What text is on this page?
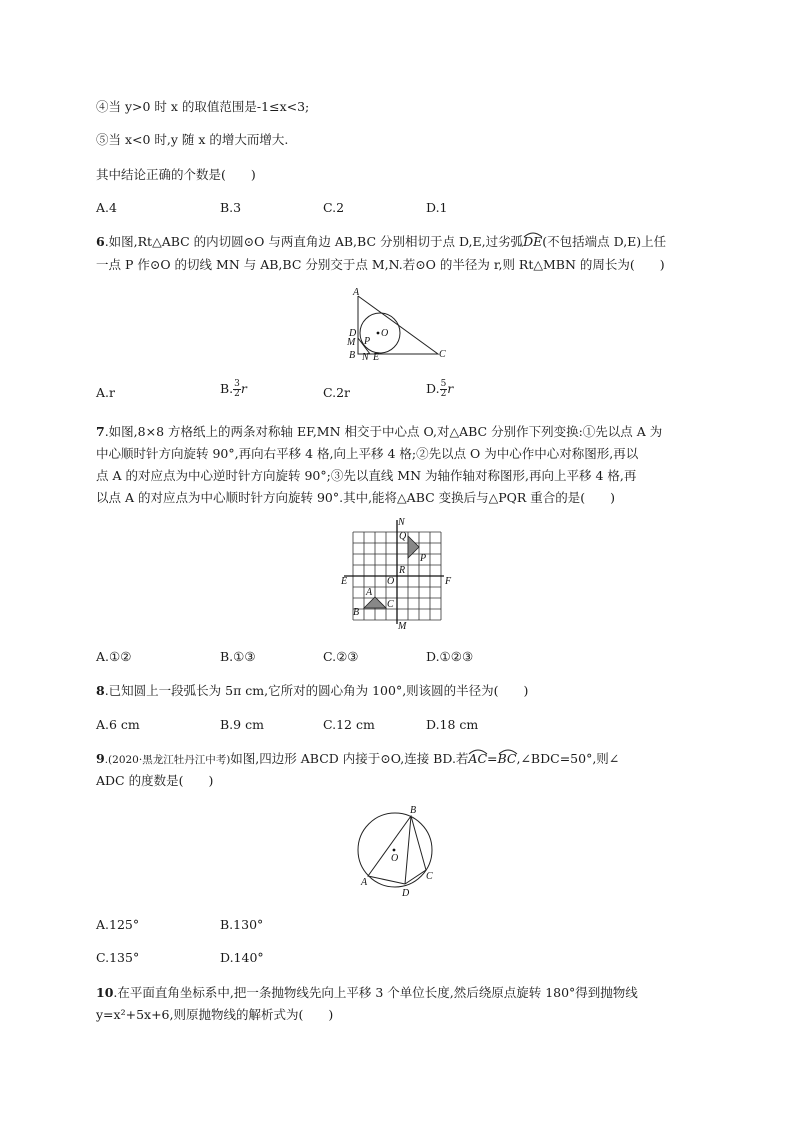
④当 y>0 时 x 的取值范围是-1≤x<3;
⑤当 x<0 时,y 随 x 的增大而增大.
其中结论正确的个数是(　　)
A.4	B.3	C.2	D.1
6.如图,Rt△ABC 的内切圆⊙O 与两直角边 AB,BC 分别相切于点 D,E,过劣弧
DE(不包括端点 D,E)上任
一点 P 作⊙O 的切线 MN 与 AB,BC 分别交于点 M,N.若⊙O 的半径为 r,则 Rt△MBN 的周长为(　　)
A
D
M P
O
B N E	C
A.r	B. $\frac{3}{2}$ r	C.2r	D. $\frac{5}{2}$ r
7.如图,8×8 方格纸上的两条对称轴 EF,MN 相交于中心点 O,对△ABC 分别作下列变换:①先以点 A 为
中心顺时针方向旋转 90°,再向右平移 4 格,向上平移 4 格;②先以点 O 为中心作中心对称图形,再以
点 A 的对应点为中心逆时针方向旋转 90°;③先以直线 MN 为轴作轴对称图形,再向上平移 4 格,再
以点 A 的对应点为中心顺时针方向旋转 90°.其中,能将△ABC 变换后与△PQR 重合的是(　　)
N
Q
P
R
E	O	F
A
B
C
M
A.①②	B.①③	C.②③	D.①②③
8.已知圆上一段弧长为 5π cm,它所对的圆心角为 100°,则该圆的半径为(　　)
A.6 cm	B.9 cm	C.12 cm	D.18 cm
9.(2020·黑龙江牡丹江中考)如图,四边形 ABCD 内接于⊙O,连接 BD.若
AC=
BC,∠BDC=50°,则∠
ADC 的度数是(　　)
B
O
A
D
C
A.125°	B.130°
C.135°	D.140°
10.在平面直角坐标系中,把一条抛物线先向上平移 3 个单位长度,然后绕原点旋转 180°得到抛物线
y=x²+5x+6,则原抛物线的解析式为(　　)
